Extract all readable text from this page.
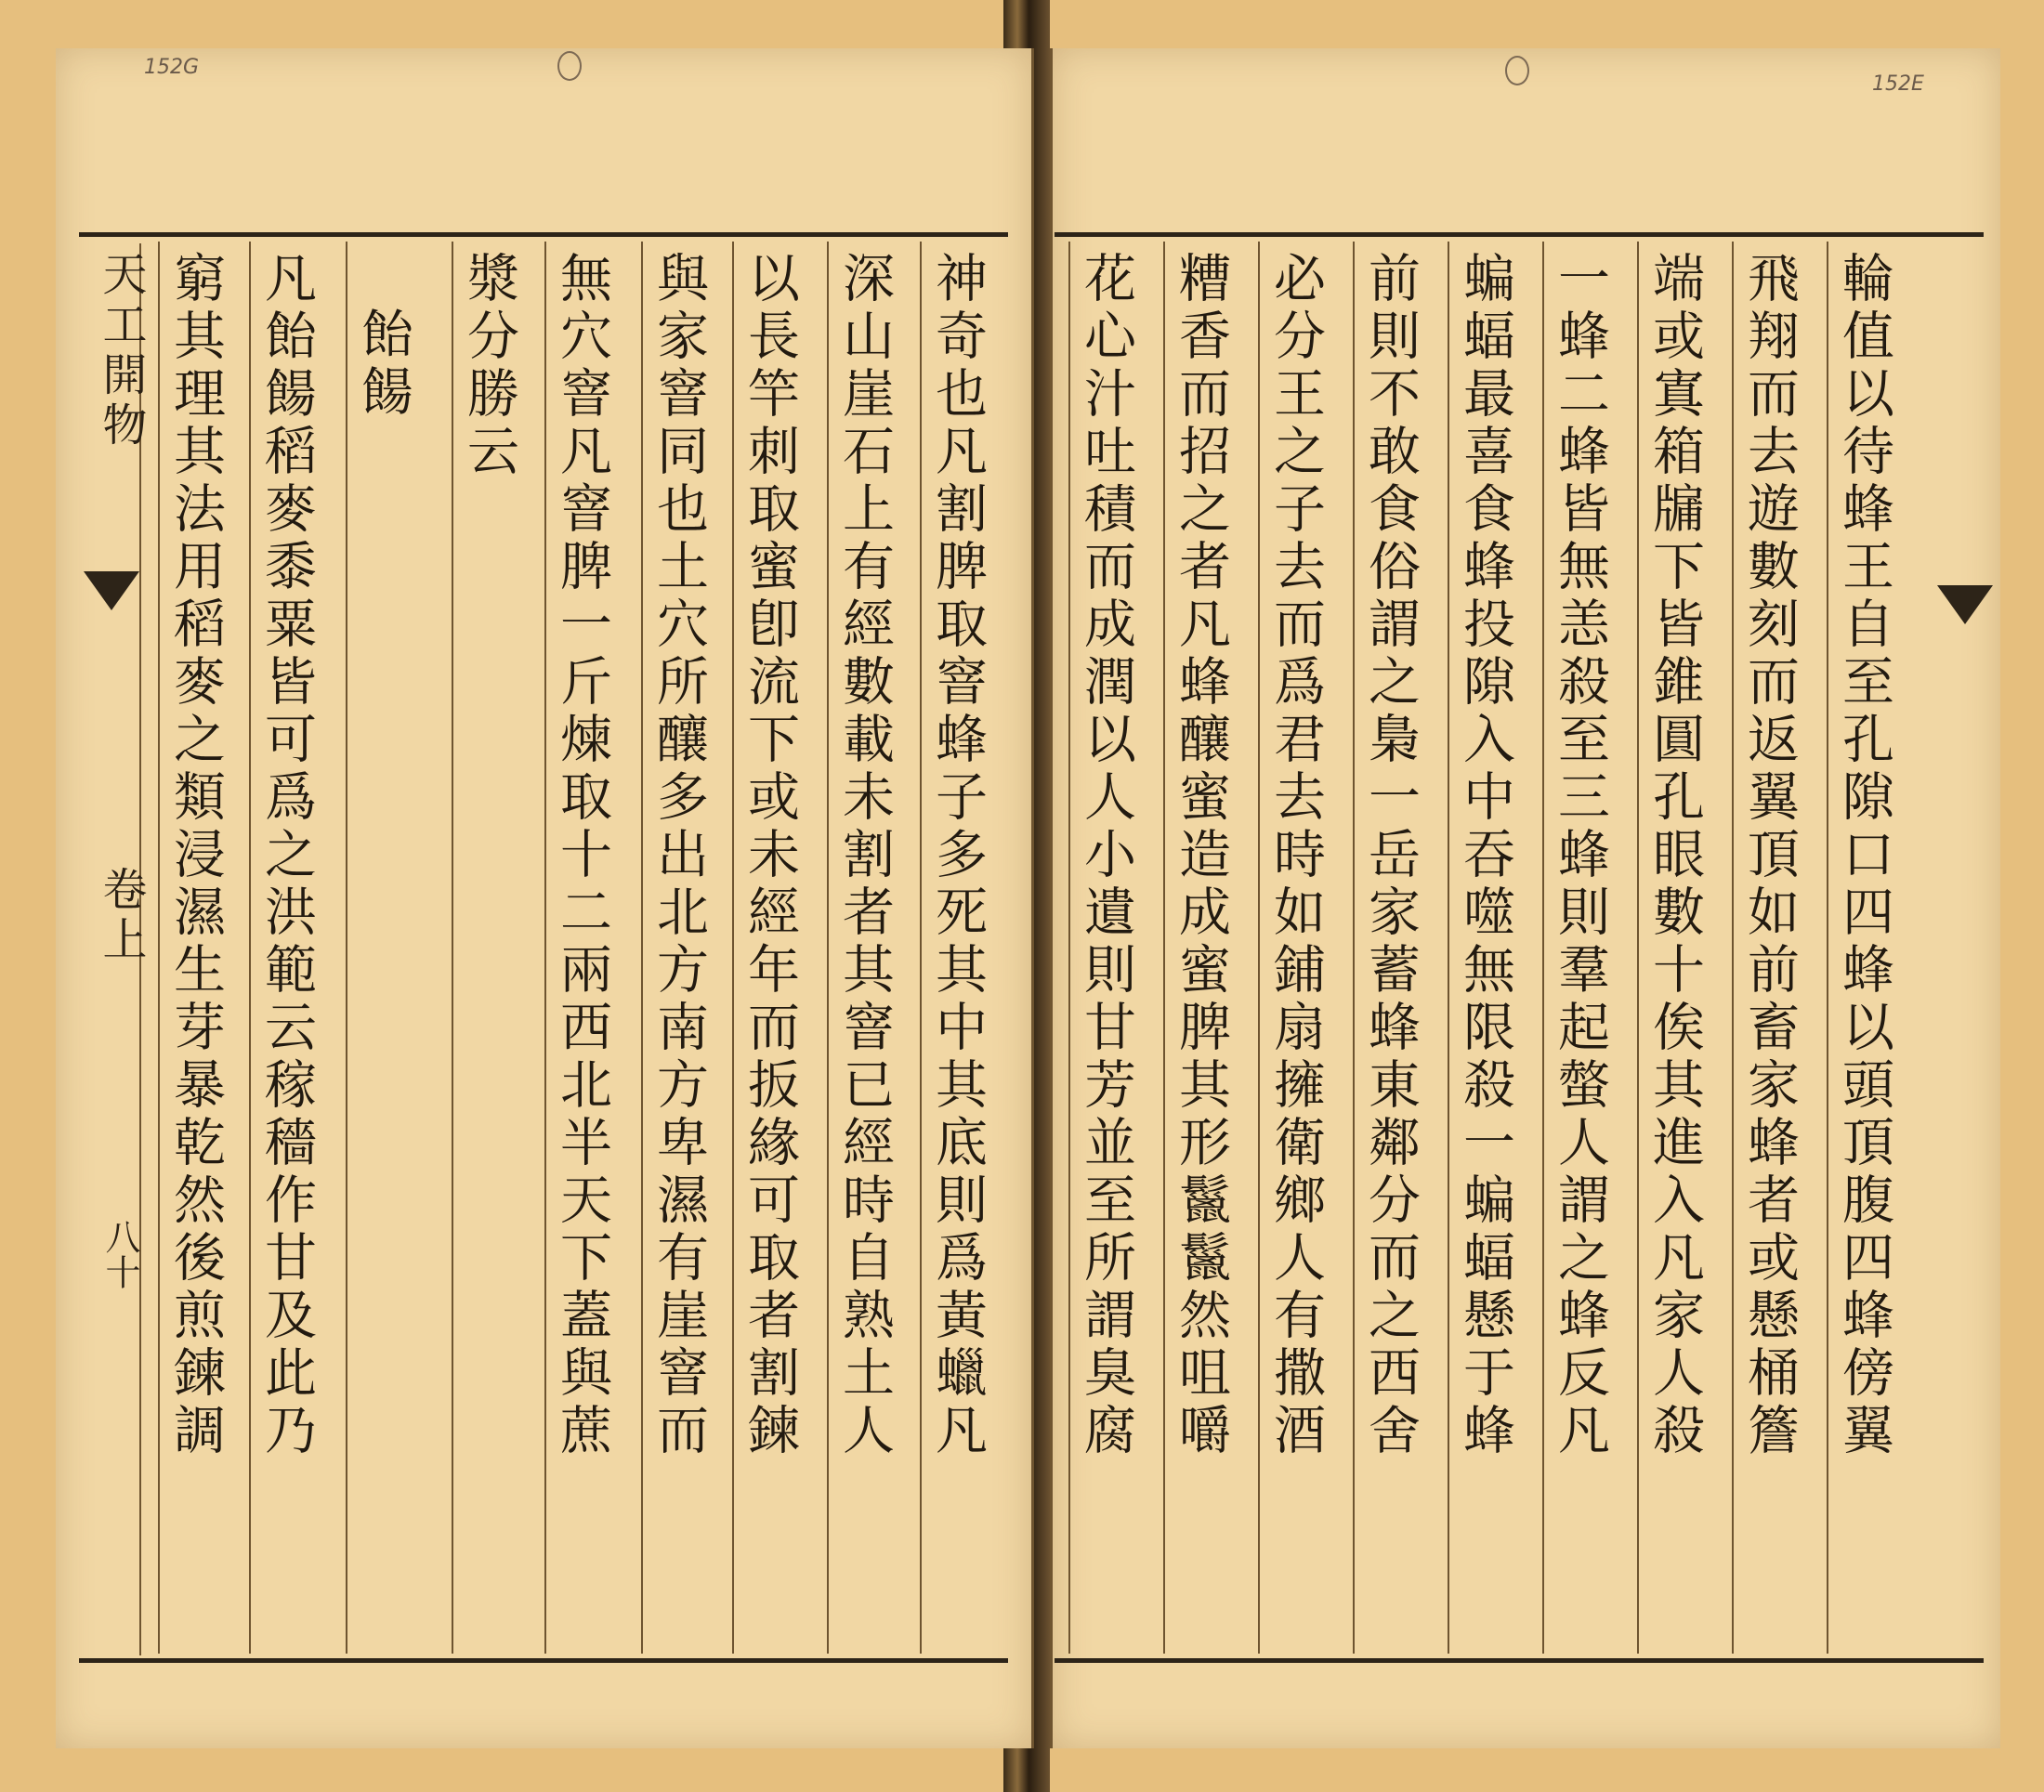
152G
天工開物
卷上
八十 凡飴餳稻麥黍粟皆可爲之洪範云稼穡作甘及此乃
窮其理其法用稻麥之類浸濕生芽暴乾然後煎鍊調 飴餳	無穴窨凡窨脾一斤煉取十二兩西北半天下蓋與蔗
漿分勝云	以長竿刺取蜜卽流下或未經年而扳緣可取者割鍊
與家窨同也土穴所釀多出北方南方卑濕有崖窨而	神奇也凡割脾取窨蜂子多死其中其底則爲黃蠟凡
深山崖石上有經數載未割者其窨已經時自熟土人
152E
花心汁吐積而成潤以人小遺則甘芳並至所謂臭腐 糟香而招之者凡蜂釀蜜造成蜜脾其形鬣鬣然咀嚼 必分王之子去而爲君去時如鋪扇擁衛鄉人有撒酒 前則不敢食俗謂之梟一岳家蓄蜂東鄰分而之西舍 蝙蝠最喜食蜂投隙入中吞噬無限殺一蝙蝠懸于蜂 一蜂二蜂皆無恙殺至三蜂則羣起螫人謂之蜂反凡 端或寘箱牖下皆錐圓孔眼數十俟其進入凡家人殺 飛翔而去遊數刻而返翼頂如前畜家蜂者或懸桶簷 輪值以待蜂王自至孔隙口四蜂以頭頂腹四蜂傍翼
